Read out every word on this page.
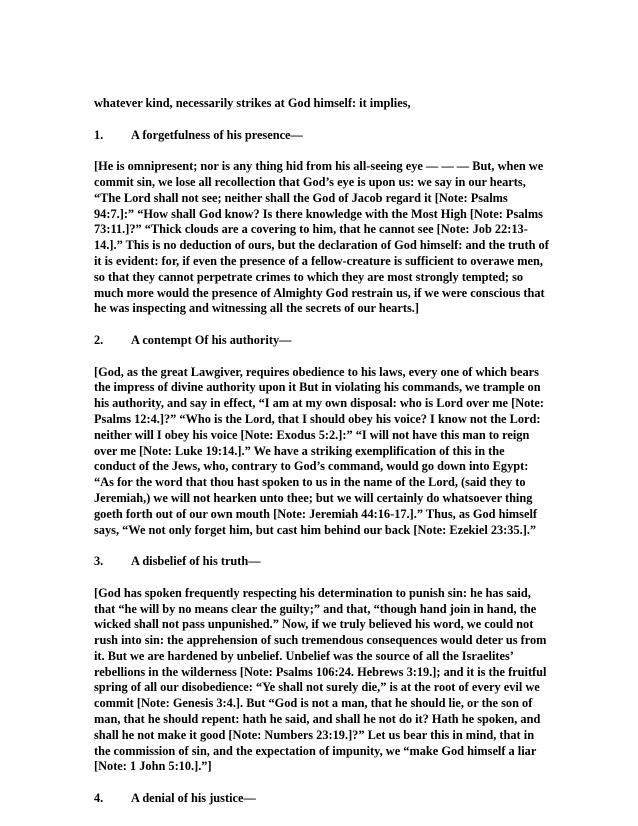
whatever kind, necessarily strikes at God himself: it implies,

1.	A forgetfulness of his presence—

[He is omnipresent; nor is any thing hid from his all-seeing eye — — — But, when we commit sin, we lose all recollection that God’s eye is upon us: we say in our hearts, “The Lord shall not see; neither shall the God of Jacob regard it [Note: Psalms 94:7.]:” “How shall God know? Is there knowledge with the Most High [Note: Psalms 73:11.]?” “Thick clouds are a covering to him, that he cannot see [Note: Job 22:13-14.].” This is no deduction of ours, but the declaration of God himself: and the truth of it is evident: for, if even the presence of a fellow-creature is sufficient to overawe men, so that they cannot perpetrate crimes to which they are most strongly tempted; so much more would the presence of Almighty God restrain us, if we were conscious that he was inspecting and witnessing all the secrets of our hearts.]

2.	A contempt Of his authority—

[God, as the great Lawgiver, requires obedience to his laws, every one of which bears the impress of divine authority upon it But in violating his commands, we trample on his authority, and say in effect, “I am at my own disposal: who is Lord over me [Note: Psalms 12:4.]?” “Who is the Lord, that I should obey his voice? I know not the Lord: neither will I obey his voice [Note: Exodus 5:2.]:” “I will not have this man to reign over me [Note: Luke 19:14.].” We have a striking exemplification of this in the conduct of the Jews, who, contrary to God’s command, would go down into Egypt: “As for the word that thou hast spoken to us in the name of the Lord, (said they to Jeremiah,) we will not hearken unto thee; but we will certainly do whatsoever thing goeth forth out of our own mouth [Note: Jeremiah 44:16-17.].” Thus, as God himself says, “We not only forget him, but cast him behind our back [Note: Ezekiel 23:35.].”

3.	A disbelief of his truth—

[God has spoken frequently respecting his determination to punish sin: he has said, that “he will by no means clear the guilty;” and that, “though hand join in hand, the wicked shall not pass unpunished.” Now, if we truly believed his word, we could not rush into sin: the apprehension of such tremendous consequences would deter us from it. But we are hardened by unbelief. Unbelief was the source of all the Israelites’ rebellions in the wilderness [Note: Psalms 106:24. Hebrews 3:19.]; and it is the fruitful spring of all our disobedience: “Ye shall not surely die,” is at the root of every evil we commit [Note: Genesis 3:4.]. But “God is not a man, that he should lie, or the son of man, that he should repent: hath he said, and shall he not do it? Hath he spoken, and shall he not make it good [Note: Numbers 23:19.]?” Let us bear this in mind, that in the commission of sin, and the expectation of impunity, we “make God himself a liar [Note: 1 John 5:10.].”]

4.	A denial of his justice—
